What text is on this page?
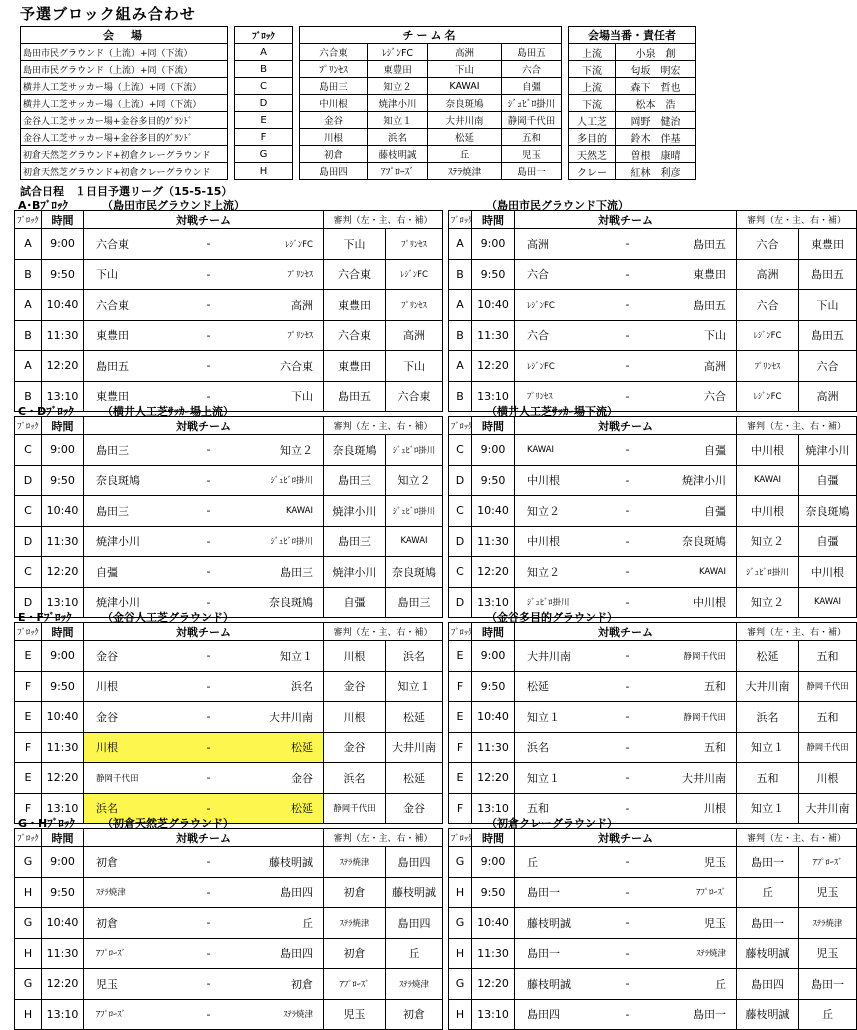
予選ブロック組み合わせ
会　場		ﾌﾞﾛｯｸ		チーム名					会場当番・責任者	
島田市民グラウンド（上流）+同（下流）		A		六合東	ﾚｼﾞﾝFC	高洲	島田五		上流	小泉　創
島田市民グラウンド（上流）+同（下流）		B		ﾌﾟﾘﾝｾｽ	東豊田	下山	六合		下流	匂坂　明宏
横井人工芝サッカー場（上流）+同（下流）		C		島田三	知立２	KAWAI	自彊		上流	森下　哲也
横井人工芝サッカー場（上流）+同（下流）		D		中川根	焼津小川	奈良斑鳩	ｼﾞｭﾋﾞﾛ掛川		下流	松本　浩
金谷人工芝サッカー場+金谷多目的ｸﾞﾗﾝﾄﾞ		E		金谷	知立１	大井川南	静岡千代田		人工芝	岡野　健治
金谷人工芝サッカー場+金谷多目的ｸﾞﾗﾝﾄﾞ		F		川根	浜名	松延	五和		多目的	鈴木　伴基
初倉天然芝グラウンド+初倉クレーグラウンド		G		初倉	藤枝明誠	丘	児玉		天然芝	曽根　康晴
初倉天然芝グラウンド+初倉クレーグラウンド		H		島田四	ｱﾌﾟﾛｰｽﾞ	ｽﾃﾗ焼津	島田一		クレー	紅林　利彦
試合日程　１日目予選リーグ（15-5-15）
A･Bﾌﾞﾛｯｸ	（島田市民グラウンド上流）	（島田市民グラウンド下流）
ﾌﾞﾛｯｸ	時間	対戦チーム			審判（左・主、右・補）			ﾌﾞﾛｯｸ	時間	対戦チーム			審判（左・主、右・補）	
A	9:00	六合東	-	ﾚｼﾞﾝFC	下山	ﾌﾟﾘﾝｾｽ		A	9:00	高洲	-	島田五	六合	東豊田
B	9:50	下山	-	ﾌﾟﾘﾝｾｽ	六合東	ﾚｼﾞﾝFC		B	9:50	六合	-	東豊田	高洲	島田五
A	10:40	六合東	-	高洲	東豊田	ﾌﾟﾘﾝｾｽ		A	10:40	ﾚｼﾞﾝFC	-	島田五	六合	下山
B	11:30	東豊田	-	ﾌﾟﾘﾝｾｽ	六合東	高洲		B	11:30	六合	-	下山	ﾚｼﾞﾝFC	島田五
A	12:20	島田五	-	六合東	東豊田	下山		A	12:20	ﾚｼﾞﾝFC	-	高洲	ﾌﾟﾘﾝｾｽ	六合
B	13:10	東豊田	-	下山	島田五	六合東		B	13:10	ﾌﾟﾘﾝｾｽ	-	六合	ﾚｼﾞﾝFC	高洲
C・Dﾌﾞﾛｯｸ	（横井人工芝ｻｯｶｰ場上流）	（横井人工芝ｻｯｶｰ場下流）
ﾌﾞﾛｯｸ	時間	対戦チーム			審判（左・主、右・補）			ﾌﾞﾛｯｸ	時間	対戦チーム			審判（左・主、右・補）	
C	9:00	島田三	-	知立２	奈良斑鳩	ｼﾞｭﾋﾞﾛ掛川		C	9:00	KAWAI	-	自彊	中川根	焼津小川
D	9:50	奈良斑鳩	-	ｼﾞｭﾋﾞﾛ掛川	島田三	知立２		D	9:50	中川根	-	焼津小川	KAWAI	自彊
C	10:40	島田三	-	KAWAI	焼津小川	ｼﾞｭﾋﾞﾛ掛川		C	10:40	知立２	-	自彊	中川根	奈良斑鳩
D	11:30	焼津小川	-	ｼﾞｭﾋﾞﾛ掛川	島田三	KAWAI		D	11:30	中川根	-	奈良斑鳩	知立２	自彊
C	12:20	自彊	-	島田三	焼津小川	奈良斑鳩		C	12:20	知立２	-	KAWAI	ｼﾞｭﾋﾞﾛ掛川	中川根
D	13:10	焼津小川	-	奈良斑鳩	自彊	島田三		D	13:10	ｼﾞｭﾋﾞﾛ掛川	-	中川根	知立２	KAWAI
E・Fﾌﾞﾛｯｸ	（金谷人工芝グラウンド）	（金谷多目的グラウンド）
ﾌﾞﾛｯｸ	時間	対戦チーム			審判（左・主、右・補）			ﾌﾞﾛｯｸ	時間	対戦チーム			審判（左・主、右・補）	
E	9:00	金谷	-	知立１	川根	浜名		E	9:00	大井川南	-	静岡千代田	松延	五和
F	9:50	川根	-	浜名	金谷	知立１		F	9:50	松延	-	五和	大井川南	静岡千代田
E	10:40	金谷	-	大井川南	川根	松延		E	10:40	知立１	-	静岡千代田	浜名	五和
F	11:30	川根	-	松延	金谷	大井川南		F	11:30	浜名	-	五和	知立１	静岡千代田
E	12:20	静岡千代田	-	金谷	浜名	松延		E	12:20	知立１	-	大井川南	五和	川根
F	13:10	浜名	-	松延	静岡千代田	金谷		F	13:10	五和	-	川根	知立１	大井川南
G・Hﾌﾞﾛｯｸ （初倉天然芝グラウンド）	（初倉クレーグラウンド）
ﾌﾞﾛｯｸ	時間	対戦チーム			審判（左・主、右・補）			ﾌﾞﾛｯｸ	時間	対戦チーム			審判（左・主、右・補）	
G	9:00	初倉	-	藤枝明誠	ｽﾃﾗ焼津	島田四		G	9:00	丘	-	児玉	島田一	ｱﾌﾟﾛｰｽﾞ
H	9:50	ｽﾃﾗ焼津	-	島田四	初倉	藤枝明誠		H	9:50	島田一	-	ｱﾌﾟﾛｰｽﾞ	丘	児玉
G	10:40	初倉	-	丘	ｽﾃﾗ焼津	島田四		G	10:40	藤枝明誠	-	児玉	島田一	ｽﾃﾗ焼津
H	11:30	ｱﾌﾟﾛｰｽﾞ	-	島田四	初倉	丘		H	11:30	島田一	-	ｽﾃﾗ焼津	藤枝明誠	児玉
G	12:20	児玉	-	初倉	ｱﾌﾟﾛｰｽﾞ	ｽﾃﾗ焼津		G	12:20	藤枝明誠	-	丘	島田四	島田一
H	13:10	ｱﾌﾟﾛｰｽﾞ	-	ｽﾃﾗ焼津	児玉	初倉		H	13:10	島田四	-	島田一	藤枝明誠	丘
